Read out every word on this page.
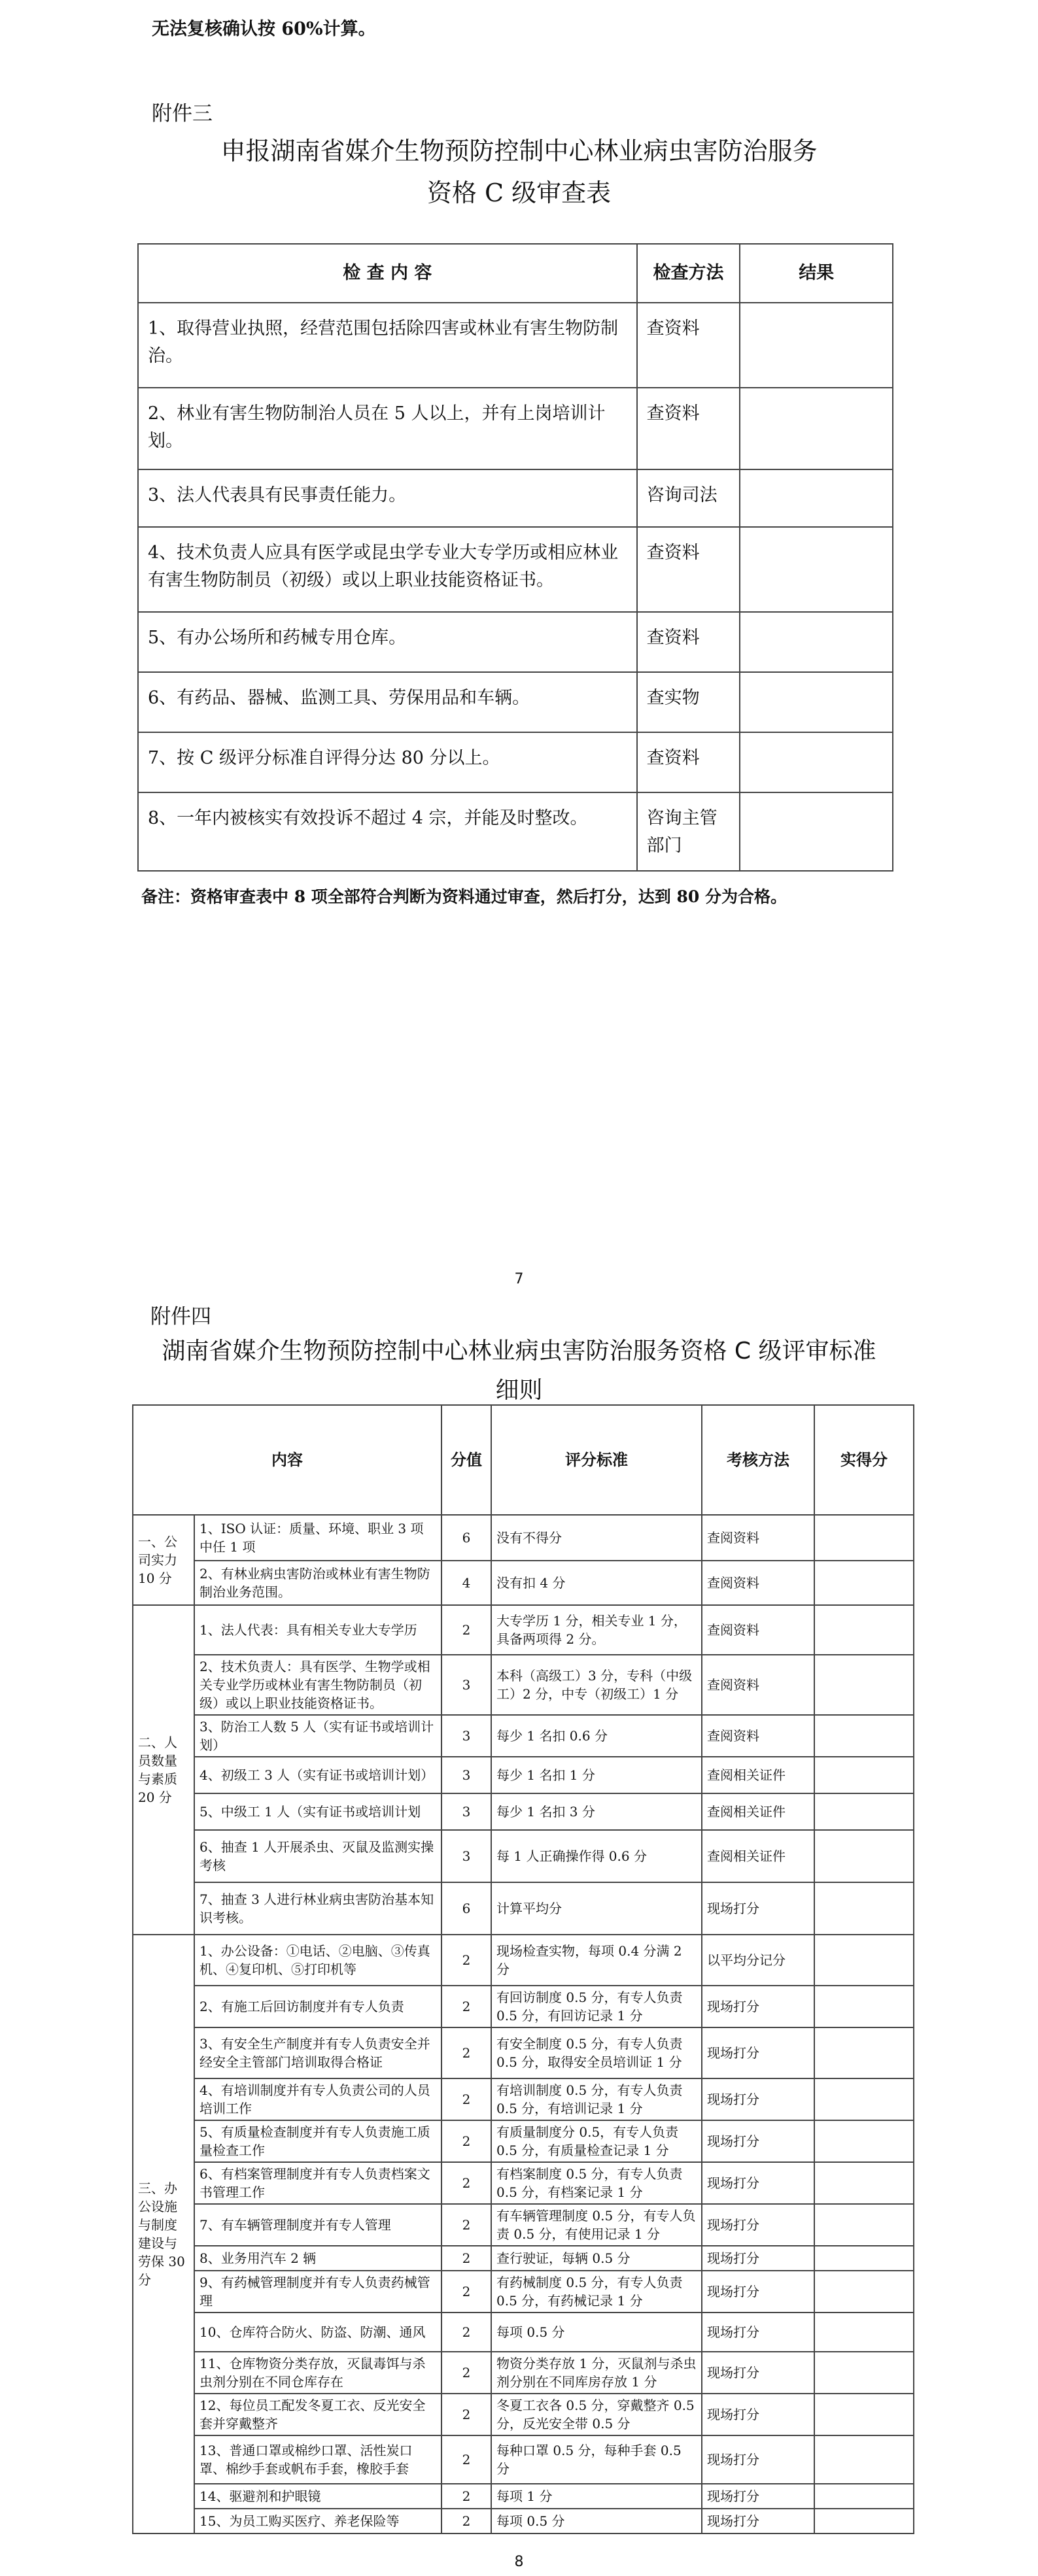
无法复核确认按 60%计算。
附件三
申报湖南省媒介生物预防控制中心林业病虫害防治服务
资格 C 级审查表
检 查 内 容	检查方法	结果
1、取得营业执照，经营范围包括除四害或林业有害生物防制治。	查资料	
2、林业有害生物防制治人员在 5 人以上，并有上岗培训计划。	查资料	
3、法人代表具有民事责任能力。	咨询司法	
4、技术负责人应具有医学或昆虫学专业大专学历或相应林业有害生物防制员（初级）或以上职业技能资格证书。	查资料	
5、有办公场所和药械专用仓库。	查资料	
6、有药品、器械、监测工具、劳保用品和车辆。	查实物	
7、按 C 级评分标准自评得分达 80 分以上。	查资料	
8、一年内被核实有效投诉不超过 4 宗，并能及时整改。	咨询主管部门	
备注：资格审查表中 8 项全部符合判断为资料通过审查，然后打分，达到 80 分为合格。
7
附件四
湖南省媒介生物预防控制中心林业病虫害防治服务资格 C 级评审标准
细则
内容		分值	评分标准	考核方法	实得分
一、公司实力 10 分	1、ISO 认证：质量、环境、职业 3 项中任 1 项	6	没有不得分	查阅资料	
	2、有林业病虫害防治或林业有害生物防制治业务范围。	4	没有扣 4 分	查阅资料	
二、人员数量与素质 20 分	1、法人代表：具有相关专业大专学历	2	大专学历 1 分，相关专业 1 分，具备两项得 2 分。	查阅资料	
	2、技术负责人：具有医学、生物学或相关专业学历或林业有害生物防制员（初级）或以上职业技能资格证书。	3	本科（高级工）3 分，专科（中级工）2 分，中专（初级工）1 分	查阅资料	
	3、防治工人数 5 人（实有证书或培训计划）	3	每少 1 名扣 0.6 分	查阅资料	
	4、初级工 3 人（实有证书或培训计划）	3	每少 1 名扣 1 分	查阅相关证件	
	5、中级工 1 人（实有证书或培训计划	3	每少 1 名扣 3 分	查阅相关证件	
	6、抽查 1 人开展杀虫、灭鼠及监测实操考核	3	每 1 人正确操作得 0.6 分	查阅相关证件	
	7、抽查 3 人进行林业病虫害防治基本知识考核。	6	计算平均分	现场打分	
三、办公设施与制度建设与劳保 30 分	1、办公设备：①电话、②电脑、③传真机、④复印机、⑤打印机等	2	现场检查实物，每项 0.4 分满 2 分	以平均分记分	
	2、有施工后回访制度并有专人负责	2	有回访制度 0.5 分，有专人负责 0.5 分，有回访记录 1 分	现场打分	
	3、有安全生产制度并有专人负责安全并经安全主管部门培训取得合格证	2	有安全制度 0.5 分，有专人负责 0.5 分，取得安全员培训证 1 分	现场打分	
	4、有培训制度并有专人负责公司的人员培训工作	2	有培训制度 0.5 分，有专人负责 0.5 分，有培训记录 1 分	现场打分	
	5、有质量检查制度并有专人负责施工质量检查工作	2	有质量制度分 0.5，有专人负责 0.5 分，有质量检查记录 1 分	现场打分	
	6、有档案管理制度并有专人负责档案文书管理工作	2	有档案制度 0.5 分，有专人负责 0.5 分，有档案记录 1 分	现场打分	
	7、有车辆管理制度并有专人管理	2	有车辆管理制度 0.5 分，有专人负责 0.5 分，有使用记录 1 分	现场打分	
	8、业务用汽车 2 辆	2	查行驶证，每辆 0.5 分	现场打分	
	9、有药械管理制度并有专人负责药械管理	2	有药械制度 0.5 分，有专人负责 0.5 分，有药械记录 1 分	现场打分	
	10、仓库符合防火、防盗、防潮、通风	2	每项 0.5 分	现场打分	
	11、仓库物资分类存放，灭鼠毒饵与杀虫剂分别在不同仓库存在	2	物资分类存放 1 分，灭鼠剂与杀虫剂分别在不同库房存放 1 分	现场打分	
	12、每位员工配发冬夏工衣、反光安全套并穿戴整齐	2	冬夏工衣各 0.5 分，穿戴整齐 0.5 分，反光安全带 0.5 分	现场打分	
	13、普通口罩或棉纱口罩、活性炭口罩、棉纱手套或帆布手套，橡胶手套	2	每种口罩 0.5 分，每种手套 0.5 分	现场打分	
	14、驱避剂和护眼镜	2	每项 1 分	现场打分	
	15、为员工购买医疗、养老保险等	2	每项 0.5 分	现场打分	
8
